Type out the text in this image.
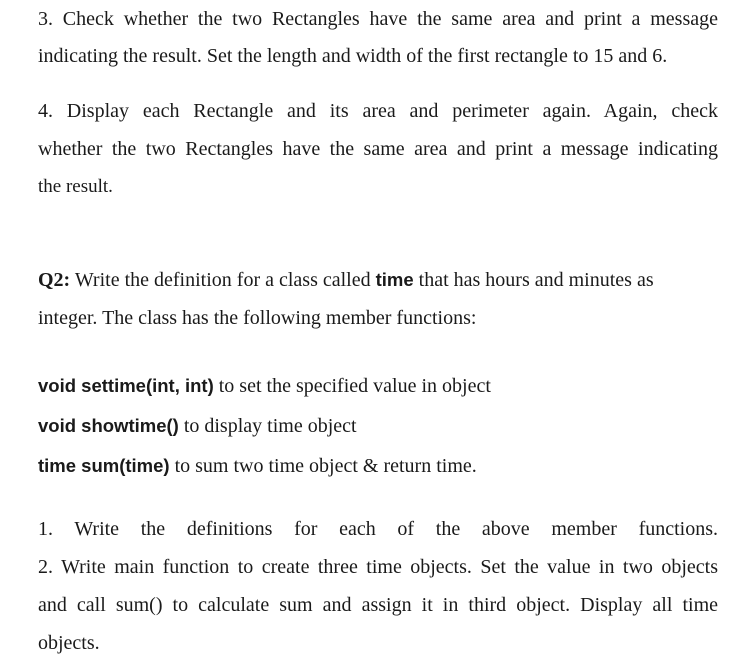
3. Check whether the two Rectangles have the same area and print a message
indicating the result. Set the length and width of the first rectangle to 15 and 6.
4. Display each Rectangle and its area and perimeter again. Again, check
whether the two Rectangles have the same area and print a message indicating
the result.
Q2: Write the definition for a class called time that has hours and minutes as
integer. The class has the following member functions:
void settime(int, int) to set the specified value in object
void showtime() to display time object
time sum(time) to sum two time object & return time.
1. Write the definitions for each of the above member functions.
2. Write main function to create three time objects. Set the value in two objects
and call sum() to calculate sum and assign it in third object. Display all time
objects.
